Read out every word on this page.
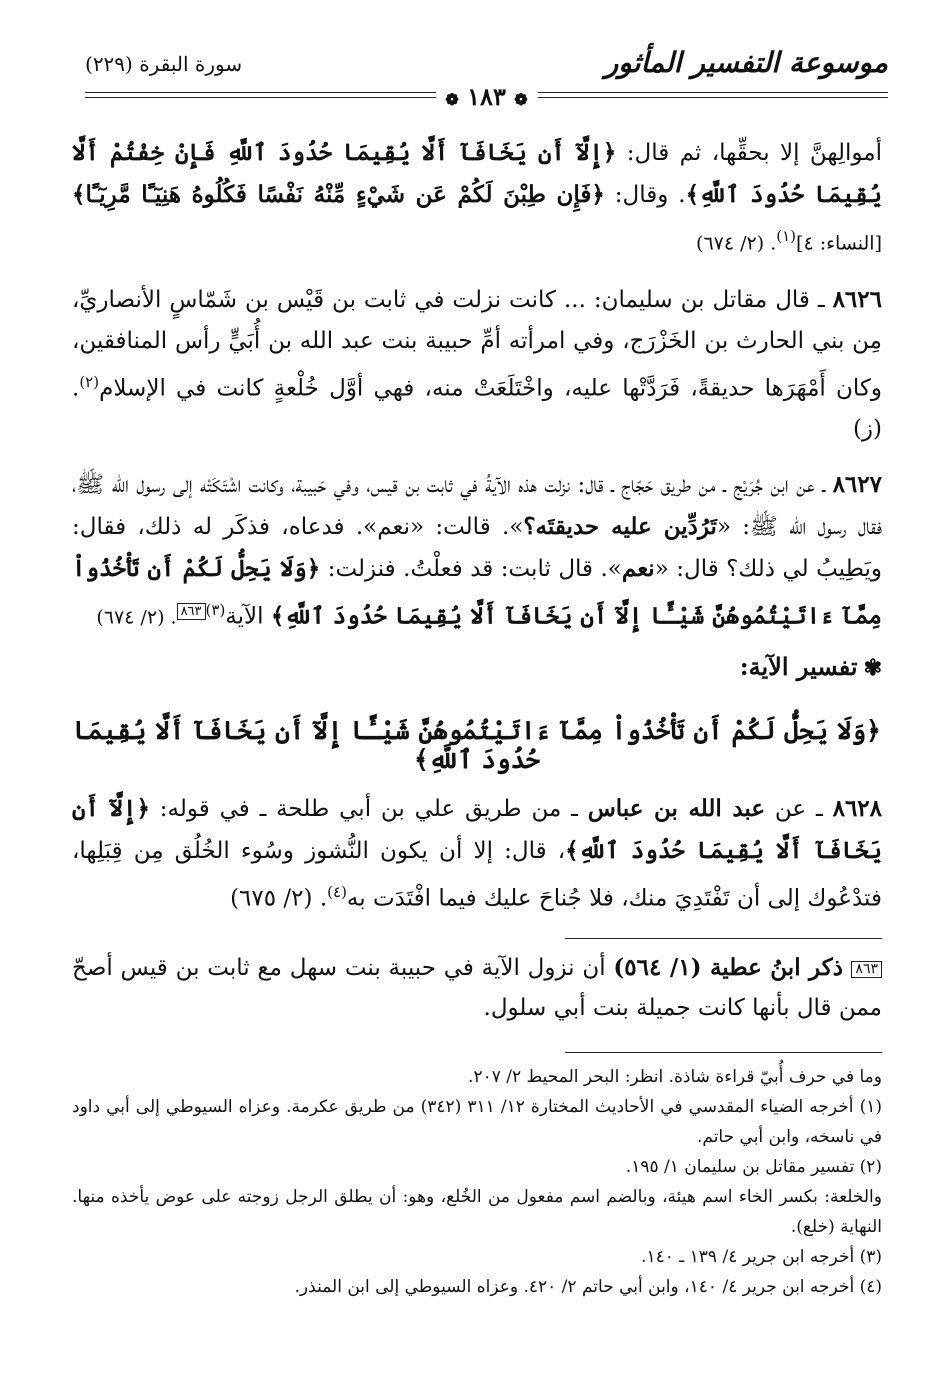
موسوعة التفسير المأثور
سورة البقرة (٢٢٩)
❁ ١٨٣ ❁

أموالِهنَّ إلا بحقِّها، ثم قال: ﴿إِلَّآ أَن يَخَافَآ أَلَّا يُقِيمَا حُدُودَ ٱللَّهِ فَإِنْ خِفْتُمْ أَلَّا يُقِيمَا حُدُودَ ٱللَّهِ﴾. وقال: ﴿فَإِن طِبْنَ لَكُمْ عَن شَيْءٍ مِّنْهُ نَفْسًا فَكُلُوهُ هَنِيٓـًٔا مَّرِيٓـًٔا﴾ [النساء: ٤]$^{(١)}$. (٢/ ٦٧٤)

٨٦٢٦ ـ قال مقاتل بن سليمان: ... كانت نزلت في ثابت بن قَيْس بن شَمّاسٍ الأنصاريِّ، مِن بني الحارث بن الخَزْرَج، وفي امرأته أمِّ حبيبة بنت عبد الله بن أُبَيٍّ رأس المنافقين، وكان أَمْهَرَها حديقةً، فَرَدَّتْها عليه، واخْتَلَعَتْ منه، فهي أوَّل خُلْعةٍ كانت في الإسلام$^{(٢)}$. (ز)

٨٦٢٧ ـ عن ابن جُرَيْج ـ من طريق حَجّاج ـ قال: نزلت هذه الآيةُ في ثابت بن قيس، وفي حَبيبة، وكانت اشْتَكَتْه إلى رسول الله ﷺ، فقال رسول الله ﷺ: «تَرُدِّين عليه حديقتَه؟». قالت: «نعم». فدعاه، فذكَر له ذلك، فقال: ويَطِيبُ لي ذلك؟ قال: «نعم». قال ثابت: قد فعلْتُ. فنزلت: ﴿وَلَا يَحِلُّ لَكُمْ أَن تَأْخُذُواْ مِمَّآ ءَاتَيْتُمُوهُنَّ شَيْـًٔا إِلَّآ أَن يَخَافَآ أَلَّا يُقِيمَا حُدُودَ ٱللَّهِ﴾ الآية$^{(٣)}$٨٦٣. (٢/ ٦٧٤)

✾تفسير الآية:
﴿وَلَا يَحِلُّ لَكُمْ أَن تَأْخُذُواْ مِمَّآ ءَاتَيْتُمُوهُنَّ شَيْـًٔا إِلَّآ أَن يَخَافَآ أَلَّا يُقِيمَا حُدُودَ ٱللَّهِ﴾

٨٦٢٨ ـ عن عبد الله بن عباس ـ من طريق علي بن أبي طلحة ـ في قوله: ﴿إِلَّآ أَن يَخَافَآ أَلَّا يُقِيمَا حُدُودَ ٱللَّهِ﴾، قال: إلا أن يكون النُّشوز وسُوء الخُلُق مِن قِبَلِها، فتدْعُوك إلى أن تَفْتَدِيَ منك، فلا جُناحَ عليك فيما افْتَدَت به$^{(٤)}$. (٢/ ٦٧٥)

٨٦٣ ذكر ابنُ عطية (١/ ٥٦٤) أن نزول الآية في حبيبة بنت سهل مع ثابت بن قيس أصحّ ممن قال بأنها كانت جميلة بنت أبي سلول.

وما في حرف أُبيّ قراءة شاذة. انظر: البحر المحيط ٢/ ٢٠٧.

(١) أخرجه الضياء المقدسي في الأحاديث المختارة ١٢/ ٣١١ (٣٤٢) من طريق عكرمة. وعزاه السيوطي إلى أبي داود في ناسخه، وابن أبي حاتم.

(٢) تفسير مقاتل بن سليمان ١/ ١٩٥.

والخلعة: بكسر الخاء اسم هيئة، وبالضم اسم مفعول من الخُلع، وهو: أن يطلق الرجل زوجته على عوض يأخذه منها. النهاية (خلع).

(٣) أخرجه ابن جرير ٤/ ١٣٩ ـ ١٤٠.

(٤) أخرجه ابن جرير ٤/ ١٤٠، وابن أبي حاتم ٢/ ٤٢٠. وعزاه السيوطي إلى ابن المنذر.
